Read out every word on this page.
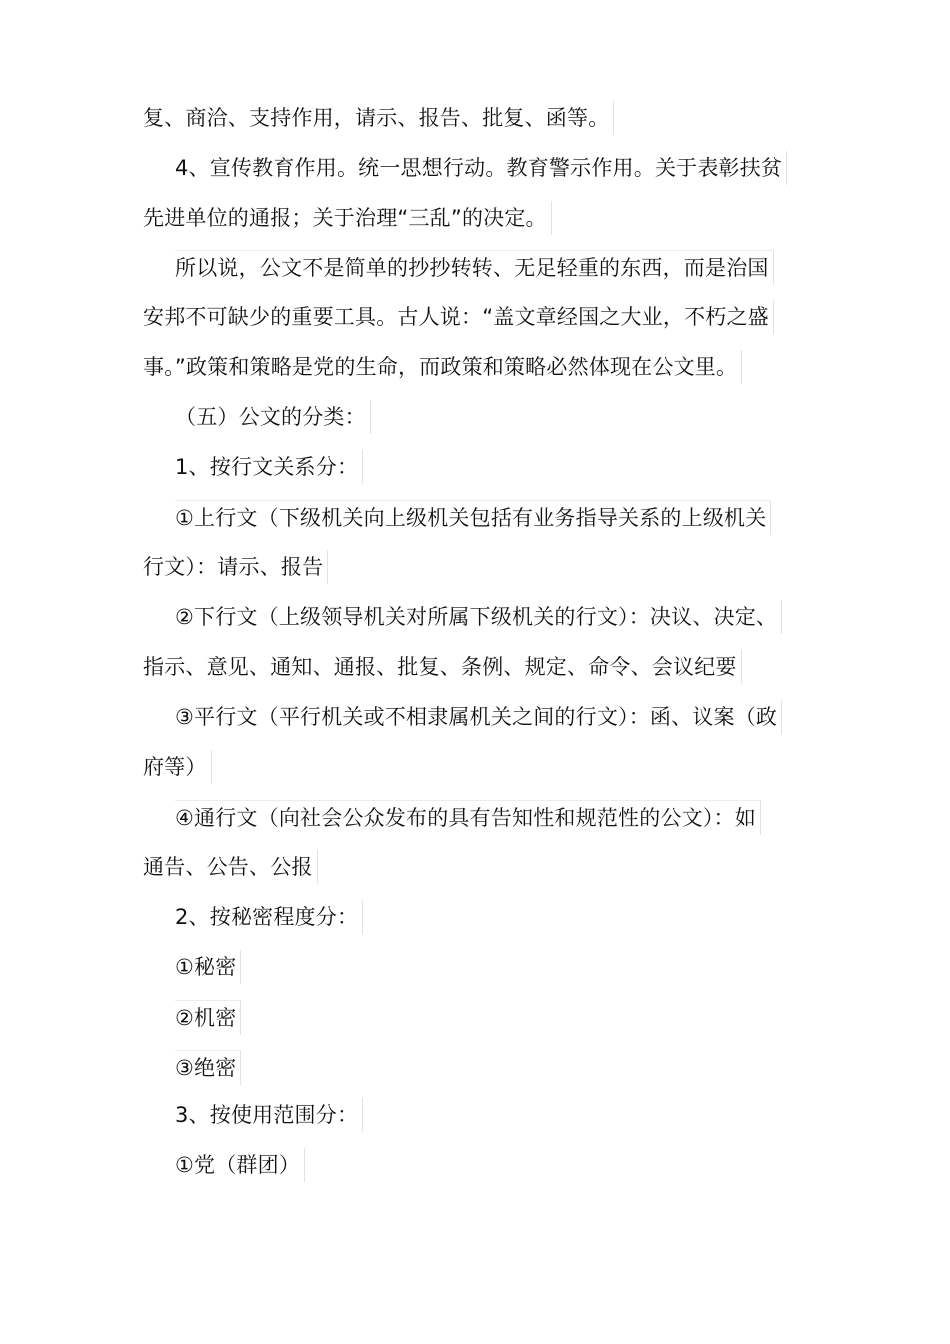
复、商洽、支持作用，请示、报告、批复、函等。
4、宣传教育作用。统一思想行动。教育警示作用。关于表彰扶贫
先进单位的通报；关于治理“三乱”的决定。
所以说，公文不是简单的抄抄转转、无足轻重的东西，而是治国
安邦不可缺少的重要工具。古人说：“盖文章经国之大业，不朽之盛
事。”政策和策略是党的生命，而政策和策略必然体现在公文里。
（五）公文的分类：
1、按行文关系分：
①上行文（下级机关向上级机关包括有业务指导关系的上级机关
行文）：请示、报告
②下行文（上级领导机关对所属下级机关的行文）：决议、决定、
指示、意见、通知、通报、批复、条例、规定、命令、会议纪要
③平行文（平行机关或不相隶属机关之间的行文）：函、议案（政
府等）
④通行文（向社会公众发布的具有告知性和规范性的公文）：如
通告、公告、公报
2、按秘密程度分：
①秘密
②机密
③绝密
3、按使用范围分：
①党（群团）
